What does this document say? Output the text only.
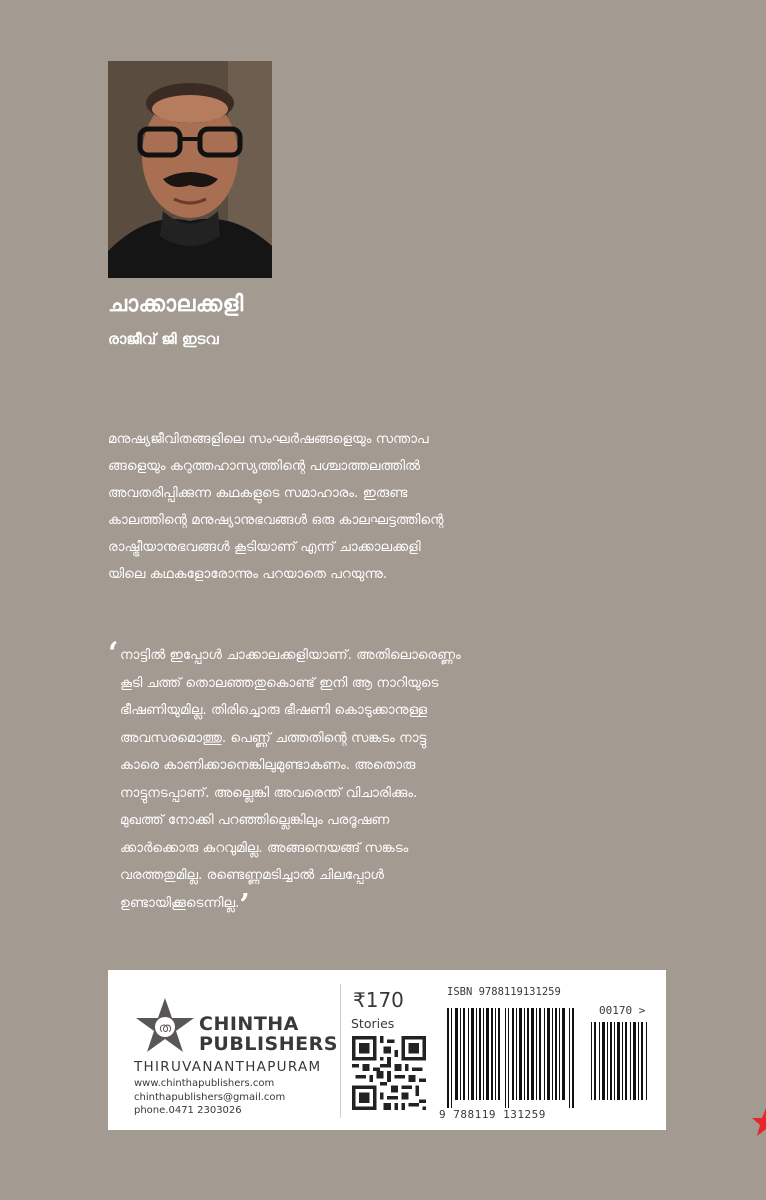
ചാക്കാലക്കളി
രാജീവ് ജി ഇടവ
മനുഷ്യജീവിതങ്ങളിലെ സംഘർഷങ്ങളെയും സന്താപ
ങ്ങളെയും കറുത്തഹാസ്യത്തിന്റെ പശ്ചാത്തലത്തിൽ
അവതരിപ്പിക്കുന്ന കഥകളുടെ സമാഹാരം. ഇരുണ്ട
കാലത്തിന്റെ മനുഷ്യാനുഭവങ്ങൾ ഒരു കാലഘട്ടത്തിന്റെ
രാഷ്ട്രീയാനുഭവങ്ങൾ കൂടിയാണ് എന്ന് ചാക്കാലക്കളി
യിലെ കഥകളോരോന്നും പറയാതെ പറയുന്നു.
‘ നാട്ടിൽ ഇപ്പോൾ ചാക്കാലക്കളിയാണ്. അതിലൊരെണ്ണം
കൂടി ചത്ത് തൊലഞ്ഞതുകൊണ്ട് ഇനി ആ നാറിയുടെ
ഭീഷണിയുമില്ല. തിരിച്ചൊരു ഭീഷണി കൊടുക്കാനുള്ള
അവസരമൊത്തു. പെണ്ണ് ചത്തതിന്റെ സങ്കടം നാട്ടു
കാരെ കാണിക്കാനെങ്കിലുമുണ്ടാകണം. അതൊരു
നാട്ടുനടപ്പാണ്. അല്ലെങ്കി അവരെന്ത് വിചാരിക്കും.
മുഖത്ത് നോക്കി പറഞ്ഞില്ലെങ്കിലും പരദൂഷണ
ക്കാർക്കൊരു കുറവുമില്ല. അങ്ങനെയങ്ങ് സങ്കടം
വരത്തതുമില്ല. രണ്ടെണ്ണമടിച്ചാൽ ചിലപ്പോൾ
ഉണ്ടായിക്കൂടെന്നില്ല.’
ത CHINTHA
PUBLISHERS
THIRUVANANTHAPURAM
www.chinthapublishers.com
chinthapublishers@gmail.com
phone.0471 2303026
₹170
Stories
ISBN 9788119131259
00170 >
9 788119 131259
